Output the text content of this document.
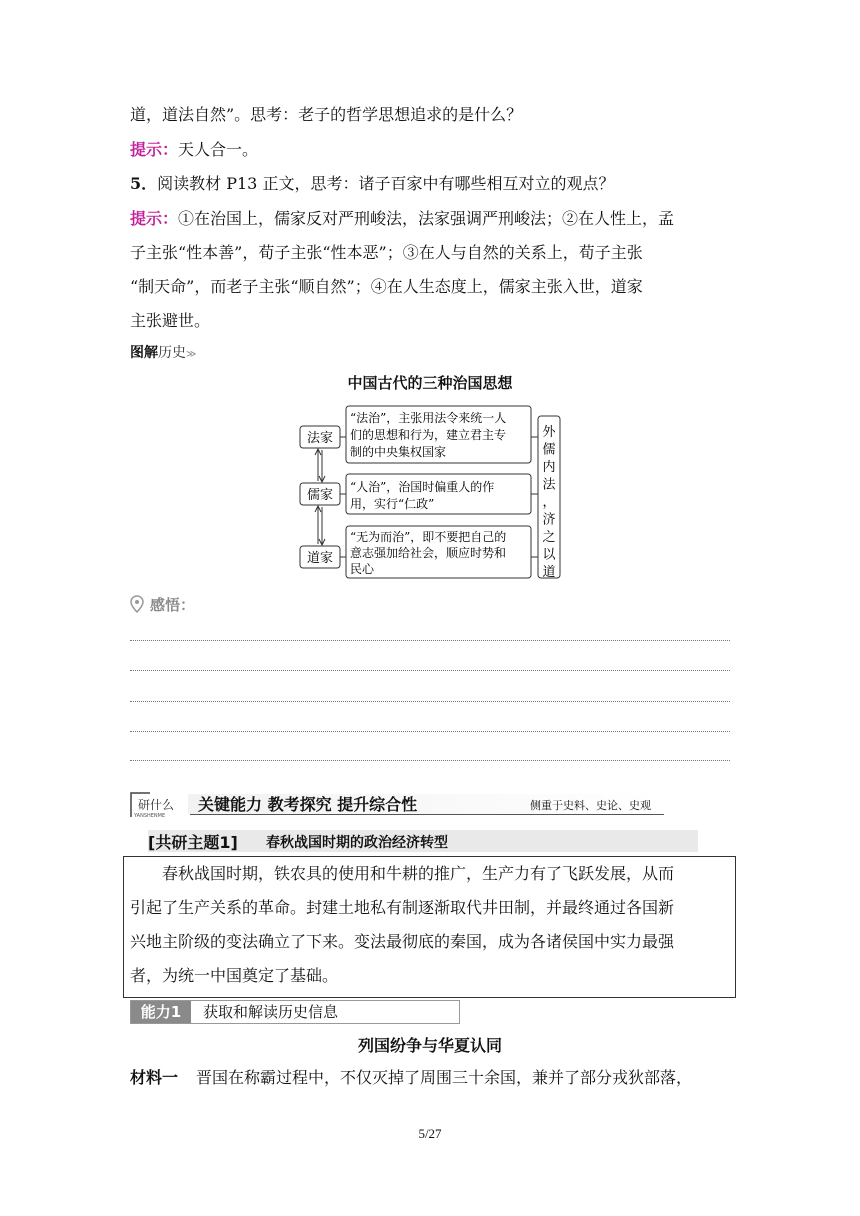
道，道法自然”。思考：老子的哲学思想追求的是什么？
提示：天人合一。
5．阅读教材 P13 正文，思考：诸子百家中有哪些相互对立的观点？
提示：①在治国上，儒家反对严刑峻法，法家强调严刑峻法；②在人性上，孟
子主张“性本善”，荀子主张“性本恶”；③在人与自然的关系上，荀子主张
“制天命”，而老子主张“顺自然”；④在人生态度上，儒家主张入世，道家
主张避世。
图解历史≫
中国古代的三种治国思想
法家
儒家
道家
“法治”，主张用法令来统一人
们的思想和行为，建立君主专
制的中央集权国家
“人治”，治国时偏重人的作
用，实行“仁政”
“无为而治”，即不要把自己的
意志强加给社会，顺应时势和
民心
外
儒
内
法
，
济
之
以
道
感悟：
研什么
YANSHENME
关键能力 教考探究 提升综合性	侧重于史料、史论、史观
[共研主题1] 春秋战国时期的政治经济转型

春秋战国时期，铁农具的使用和牛耕的推广，生产力有了飞跃发展，从而

引起了生产关系的革命。封建土地私有制逐渐取代井田制，并最终通过各国新

兴地主阶级的变法确立了下来。变法最彻底的秦国，成为各诸侯国中实力最强

者，为统一中国奠定了基础。

能力1	获取和解读历史信息
列国纷争与华夏认同
材料一 晋国在称霸过程中，不仅灭掉了周围三十余国，兼并了部分戎狄部落，
5/27
